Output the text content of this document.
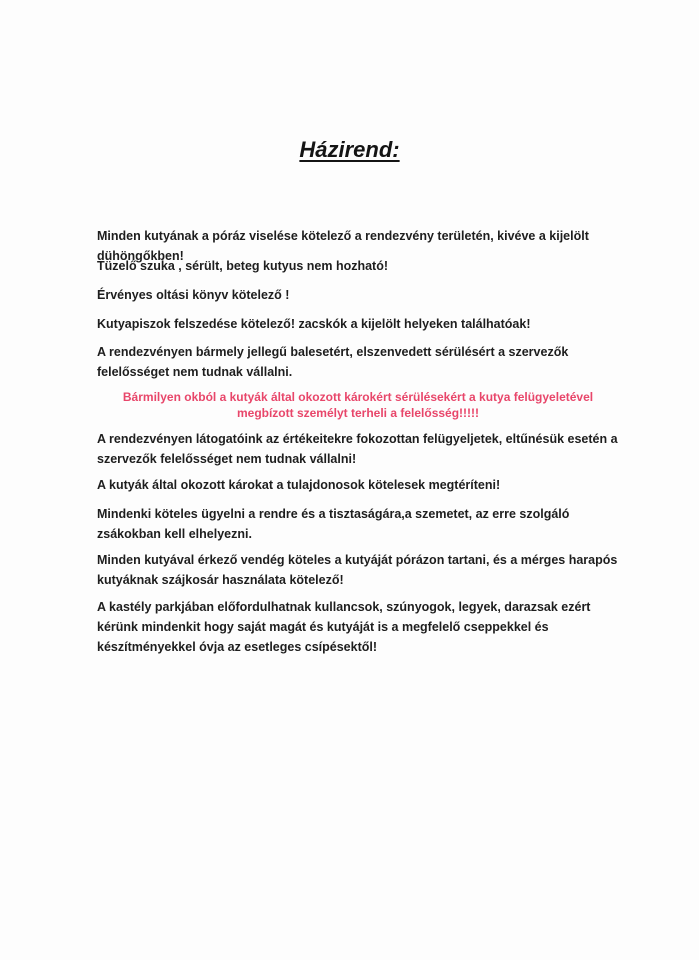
Házirend:

Minden kutyának a póráz viselése kötelező a rendezvény területén, kivéve a kijelölt dühöngőkben!

Tüzelő szuka , sérült, beteg kutyus nem hozható!

Érvényes oltási könyv kötelező !

Kutyapiszok felszedése kötelező! zacskók a kijelölt helyeken találhatóak!

A rendezvényen bármely jellegű balesetért, elszenvedett sérülésért a szervezők felelősséget nem tudnak vállalni.

Bármilyen okból a kutyák által okozott károkért sérülésekért a kutya felügyeletével megbízott személyt terheli a felelősség!!!!!

A rendezvényen látogatóink az értékeitekre fokozottan felügyeljetek, eltűnésük esetén a szervezők felelősséget nem tudnak vállalni!

A kutyák által okozott károkat a tulajdonosok kötelesek megtéríteni!

Mindenki köteles ügyelni a rendre és a tisztaságára,a szemetet, az erre szolgáló zsákokban kell elhelyezni.

Minden kutyával érkező vendég köteles a kutyáját pórázon tartani, és a mérges harapós kutyáknak szájkosár használata kötelező!

A kastély parkjában előfordulhatnak kullancsok, szúnyogok, legyek, darazsak ezért kérünk mindenkit hogy saját magát és kutyáját is a megfelelő cseppekkel és készítményekkel óvja az esetleges csípésektől!
